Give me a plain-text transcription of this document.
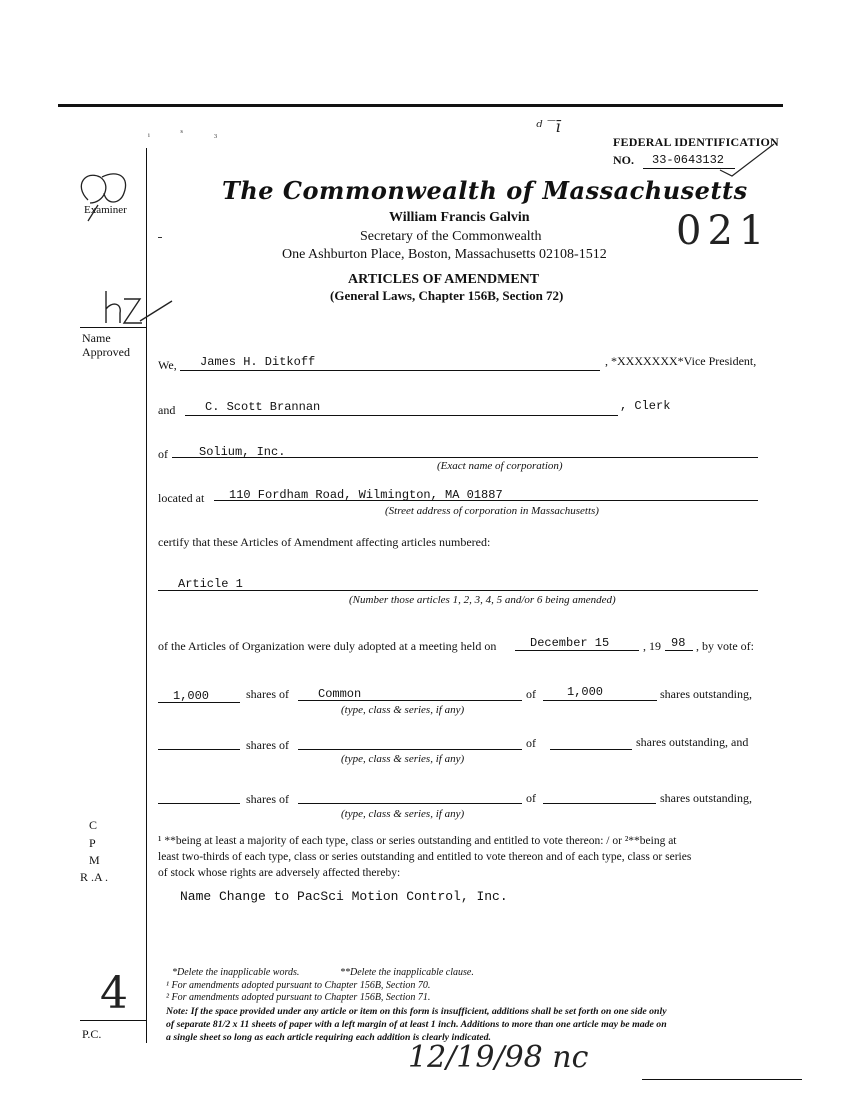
ᵢ ˢ ₃	ᵈ ‾ī
FEDERAL IDENTIFICATION
NO. 33-0643132
Examiner
Name
Approved
C
P
M
R .A .
4
P.C.
The Commonwealth of Massachusetts
William Francis Galvin
Secretary of the Commonwealth
One Ashburton Place, Boston, Massachusetts 02108-1512
ARTICLES OF AMENDMENT
(General Laws, Chapter 156B, Section 72)
021
We, James H. Ditkoff	, *XXXXXXX*Vice President,
and C. Scott Brannan	, Clerk
of	Solium, Inc.
(Exact name of corporation)
located at 110 Fordham Road, Wilmington, MA 01887
(Street address of corporation in Massachusetts)
certify that these Articles of Amendment affecting articles numbered:
Article 1
(Number those articles 1, 2, 3, 4, 5 and/or 6 being amended)
of the Articles of Organization were duly adopted at a meeting held on	December 15	, 19 98 , by vote of:
1,000	shares of Common	of	1,000	shares outstanding,
(type, class & series, if any)
shares of	of	shares outstanding, and
(type, class & series, if any)
shares of	of	shares outstanding,
(type, class & series, if any)
¹ **being at least a majority of each type, class or series outstanding and entitled to vote thereon: / or ²**being at
least two-thirds of each type, class or series outstanding and entitled to vote thereon and of each type, class or series
of stock whose rights are adversely affected thereby:
Name Change to PacSci Motion Control, Inc.
*Delete the inapplicable words.	**Delete the inapplicable clause.
¹ For amendments adopted pursuant to Chapter 156B, Section 70.
² For amendments adopted pursuant to Chapter 156B, Section 71.
Note: If the space provided under any article or item on this form is insufficient, additions shall be set forth on one side only
of separate 81/2 x 11 sheets of paper with a left margin of at least 1 inch. Additions to more than one article may be made on
a single sheet so long as each article requiring each addition is clearly indicated.
12/19/98 nc
